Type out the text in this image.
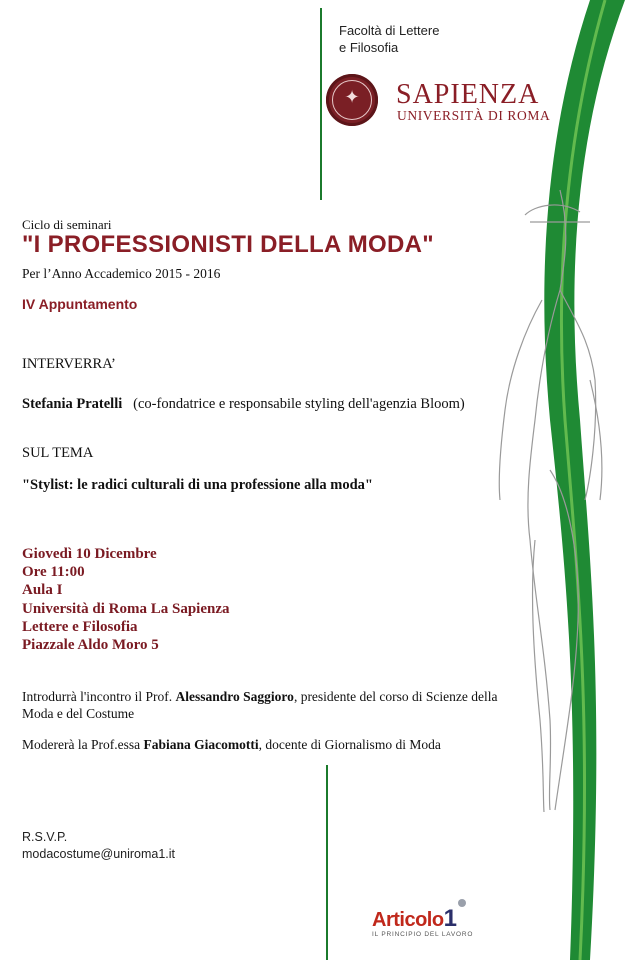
Facoltà di Lettere
e Filosofia
✦	SAPIENZA
UNIVERSITÀ DI ROMA
Ciclo di seminari
"I PROFESSIONISTI DELLA MODA"
Per l’Anno Accademico 2015 - 2016
IV Appuntamento
INTERVERRA’
Stefania Pratelli (co-fondatrice e responsabile styling dell'agenzia Bloom)
SUL TEMA
"Stylist: le radici culturali di una professione alla moda"
Giovedì 10 Dicembre
Ore 11:00
Aula I
Università di Roma La Sapienza
Lettere e Filosofia
Piazzale Aldo Moro 5
Introdurrà l'incontro il Prof. Alessandro Saggioro, presidente del corso di Scienze della Moda e del Costume
Modererà la Prof.essa Fabiana Giacomotti, docente di Giornalismo di Moda
R.S.V.P.
modacostume@uniroma1.it
Articolo1
IL PRINCIPIO DEL LAVORO
